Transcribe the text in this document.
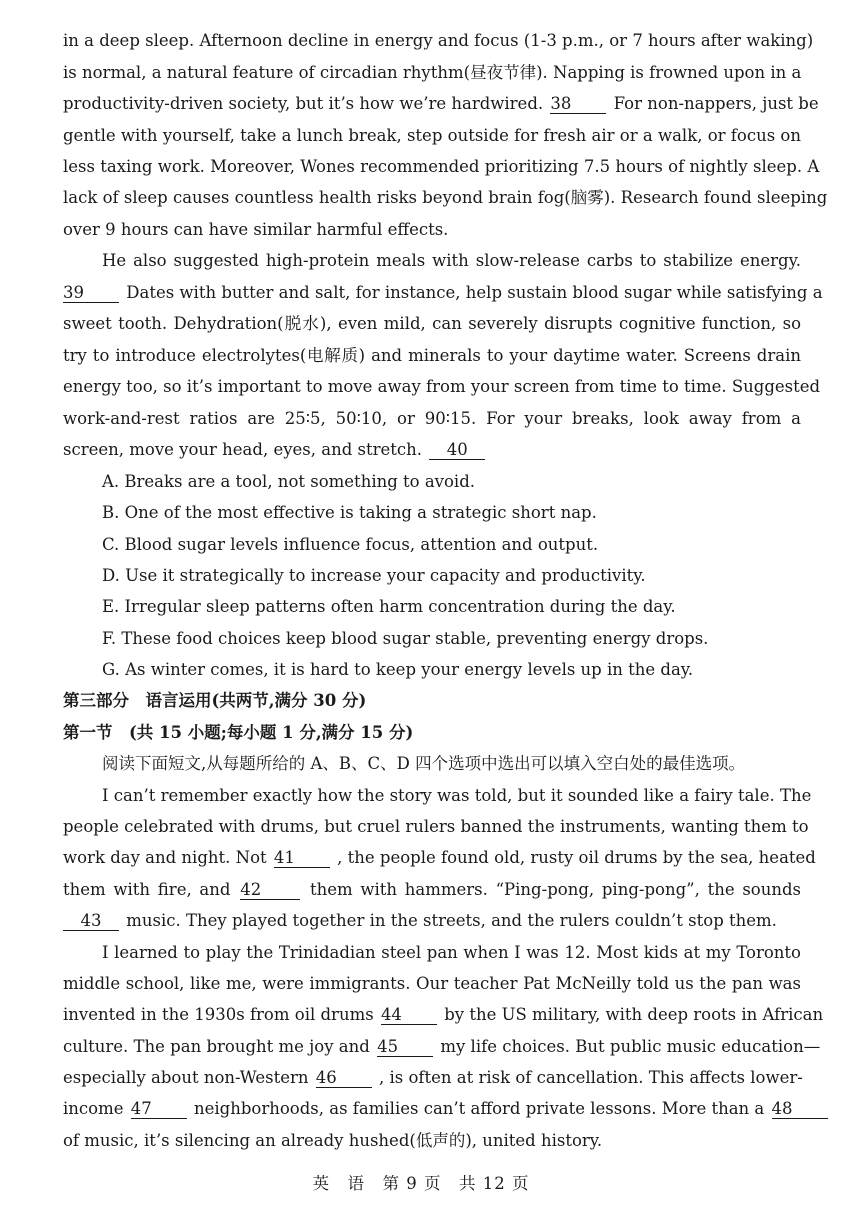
in a deep sleep. Afternoon decline in energy and focus (1-3 p.m., or 7 hours after waking)
is normal, a natural feature of circadian rhythm(昼夜节律). Napping is frowned upon in a
productivity-driven society, but it’s how we’re hardwired. 38	For non-nappers, just be
gentle with yourself, take a lunch break, step outside for fresh air or a walk, or focus on
less taxing work. Moreover, Wones recommended prioritizing 7.5 hours of nightly sleep. A
lack of sleep causes countless health risks beyond brain fog(脑雾). Research found sleeping
over 9 hours can have similar harmful effects.
He also suggested high-protein meals with slow-release carbs to stabilize energy.
39	Dates with butter and salt, for instance, help sustain blood sugar while satisfying a
sweet tooth. Dehydration(脱水), even mild, can severely disrupts cognitive function, so
try to introduce electrolytes(电解质) and minerals to your daytime water. Screens drain
energy too, so it’s important to move away from your screen from time to time. Suggested
work-and-rest ratios are 25∶5, 50∶10, or 90∶15. For your breaks, look away from a
screen, move your head, eyes, and stretch. 40
A. Breaks are a tool, not something to avoid.
B. One of the most effective is taking a strategic short nap.
C. Blood sugar levels influence focus, attention and output.
D. Use it strategically to increase your capacity and productivity.
E. Irregular sleep patterns often harm concentration during the day.
F. These food choices keep blood sugar stable, preventing energy drops.
G. As winter comes, it is hard to keep your energy levels up in the day.
第三部分　语言运用(共两节,满分 30 分)
第一节　(共 15 小题;每小题 1 分,满分 15 分)
阅读下面短文,从每题所给的 A、B、C、D 四个选项中选出可以填入空白处的最佳选项。
I can’t remember exactly how the story was told, but it sounded like a fairy tale. The
people celebrated with drums, but cruel rulers banned the instruments, wanting them to
work day and night. Not 41	, the people found old, rusty oil drums by the sea, heated
them with fire, and 42	them with hammers. “Ping-pong, ping-pong”, the sounds
43 music. They played together in the streets, and the rulers couldn’t stop them.
I learned to play the Trinidadian steel pan when I was 12. Most kids at my Toronto
middle school, like me, were immigrants. Our teacher Pat McNeilly told us the pan was
invented in the 1930s from oil drums 44	by the US military, with deep roots in African
culture. The pan brought me joy and 45	my life choices. But public music education—
especially about non-Western 46	, is often at risk of cancellation. This affects lower-
income 47	neighborhoods, as families can’t afford private lessons. More than a 48
of music, it’s silencing an already hushed(低声的), united history.
英　语　第 9 页　共 12 页
